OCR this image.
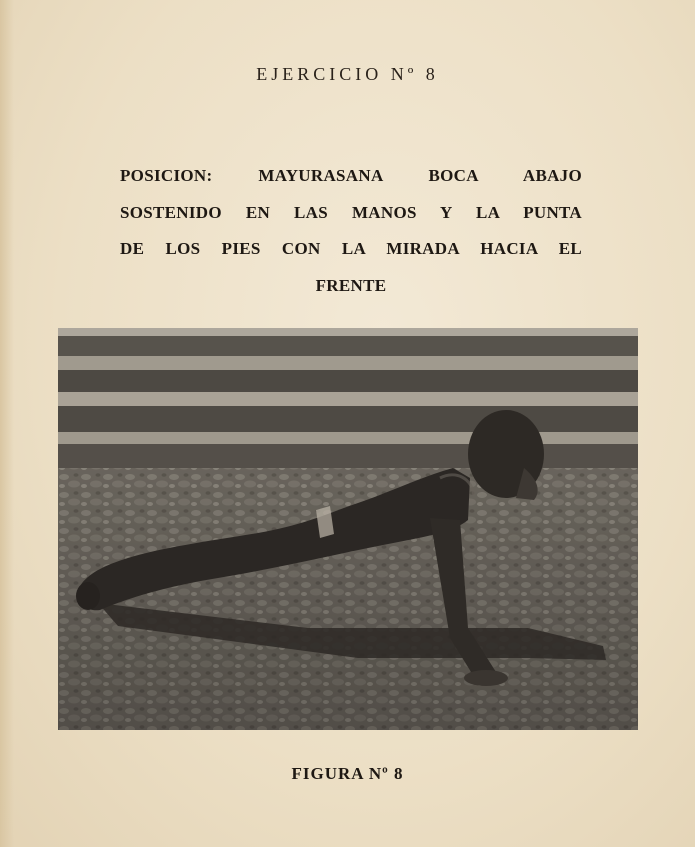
EJERCICIO Nº 8
POSICION: MAYURASANA BOCA ABAJO
SOSTENIDO EN LAS MANOS Y LA PUNTA
DE LOS PIES CON LA MIRADA HACIA EL
FRENTE
FIGURA Nº 8
